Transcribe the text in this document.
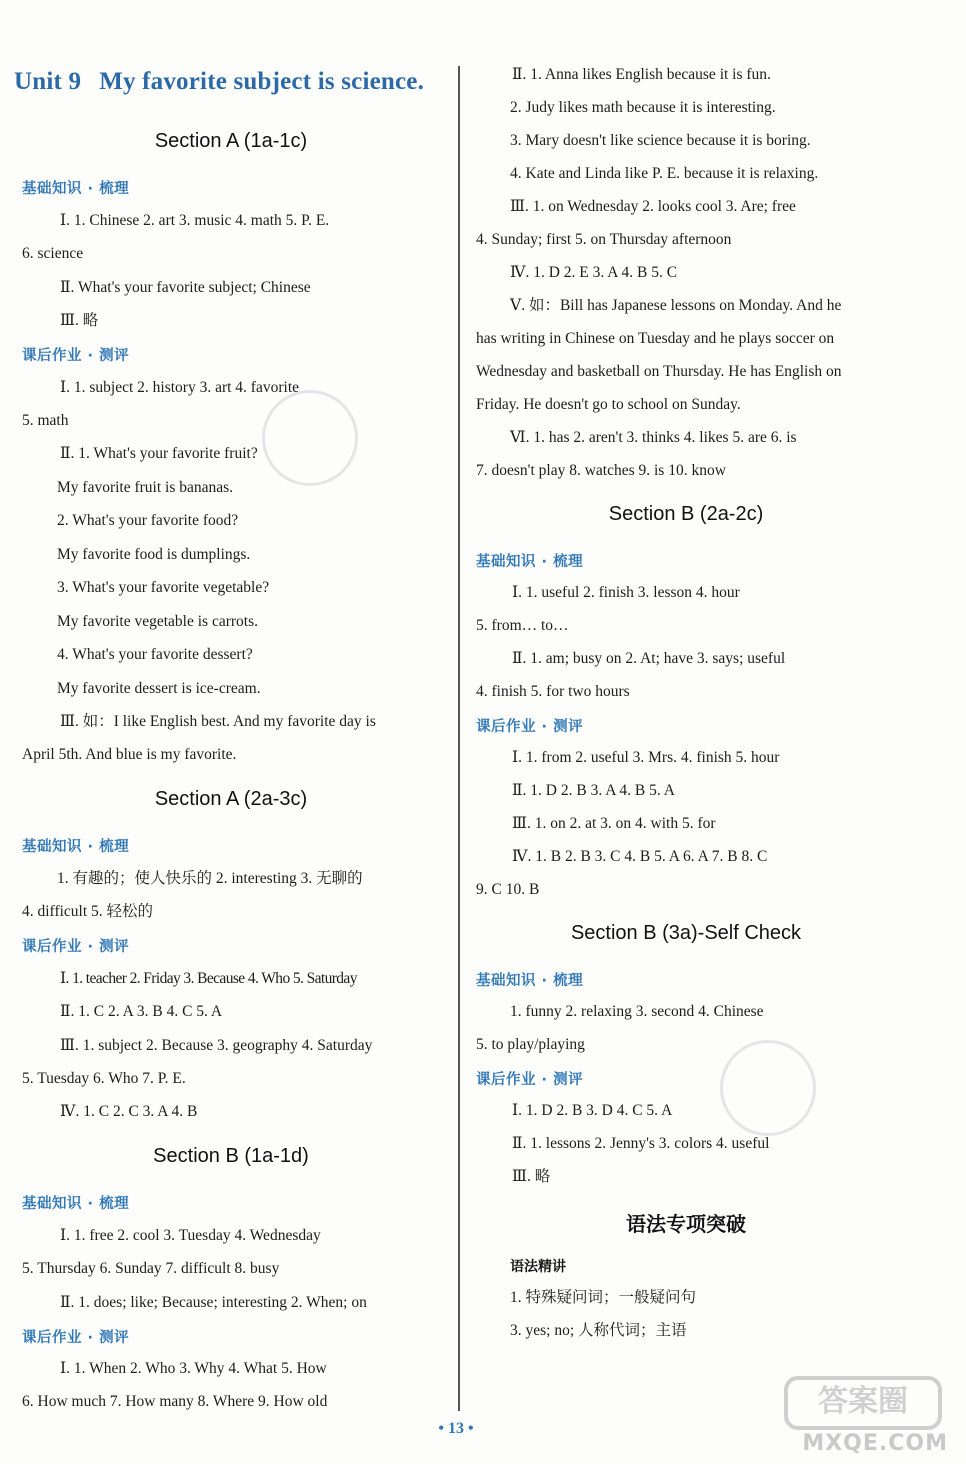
Unit 9 My favorite subject is science.
Section A (1a-1c)
基础知识 · 梳理
Ⅰ. 1. Chinese 2. art 3. music 4. math 5. P. E.
6. science
Ⅱ. What's your favorite subject; Chinese
Ⅲ. 略
课后作业 · 测评
Ⅰ. 1. subject 2. history 3. art 4. favorite
5. math
Ⅱ. 1. What's your favorite fruit?
My favorite fruit is bananas.
2. What's your favorite food?
My favorite food is dumplings.
3. What's your favorite vegetable?
My favorite vegetable is carrots.
4. What's your favorite dessert?
My favorite dessert is ice-cream.
Ⅲ. 如：I like English best. And my favorite day is
April 5th. And blue is my favorite.
Section A (2a-3c)
基础知识 · 梳理
1. 有趣的；使人快乐的 2. interesting 3. 无聊的
4. difficult 5. 轻松的
课后作业 · 测评
Ⅰ. 1. teacher 2. Friday 3. Because 4. Who 5. Saturday
Ⅱ. 1. C 2. A 3. B 4. C 5. A
Ⅲ. 1. subject 2. Because 3. geography 4. Saturday
5. Tuesday 6. Who 7. P. E.
Ⅳ. 1. C 2. C 3. A 4. B
Section B (1a-1d)
基础知识 · 梳理
Ⅰ. 1. free 2. cool 3. Tuesday 4. Wednesday
5. Thursday 6. Sunday 7. difficult 8. busy
Ⅱ. 1. does; like; Because; interesting 2. When; on
课后作业 · 测评
Ⅰ. 1. When 2. Who 3. Why 4. What 5. How
6. How much 7. How many 8. Where 9. How old
Ⅱ. 1. Anna likes English because it is fun.
2. Judy likes math because it is interesting.
3. Mary doesn't like science because it is boring.
4. Kate and Linda like P. E. because it is relaxing.
Ⅲ. 1. on Wednesday 2. looks cool 3. Are; free
4. Sunday; first 5. on Thursday afternoon
Ⅳ. 1. D 2. E 3. A 4. B 5. C
Ⅴ. 如：Bill has Japanese lessons on Monday. And he
has writing in Chinese on Tuesday and he plays soccer on
Wednesday and basketball on Thursday. He has English on
Friday. He doesn't go to school on Sunday.
Ⅵ. 1. has 2. aren't 3. thinks 4. likes 5. are 6. is
7. doesn't play 8. watches 9. is 10. know
Section B (2a-2c)
基础知识 · 梳理
Ⅰ. 1. useful 2. finish 3. lesson 4. hour
5. from… to…
Ⅱ. 1. am; busy on 2. At; have 3. says; useful
4. finish 5. for two hours
课后作业 · 测评
Ⅰ. 1. from 2. useful 3. Mrs. 4. finish 5. hour
Ⅱ. 1. D 2. B 3. A 4. B 5. A
Ⅲ. 1. on 2. at 3. on 4. with 5. for
Ⅳ. 1. B 2. B 3. C 4. B 5. A 6. A 7. B 8. C
9. C 10. B
Section B (3a)-Self Check
基础知识 · 梳理
1. funny 2. relaxing 3. second 4. Chinese
5. to play/playing
课后作业 · 测评
Ⅰ. 1. D 2. B 3. D 4. C 5. A
Ⅱ. 1. lessons 2. Jenny's 3. colors 4. useful
Ⅲ. 略
语法专项突破
语法精讲
1. 特殊疑问词；一般疑问句
3. yes; no; 人称代词；主语
• 13 •
答案圈
MXQE.COM
